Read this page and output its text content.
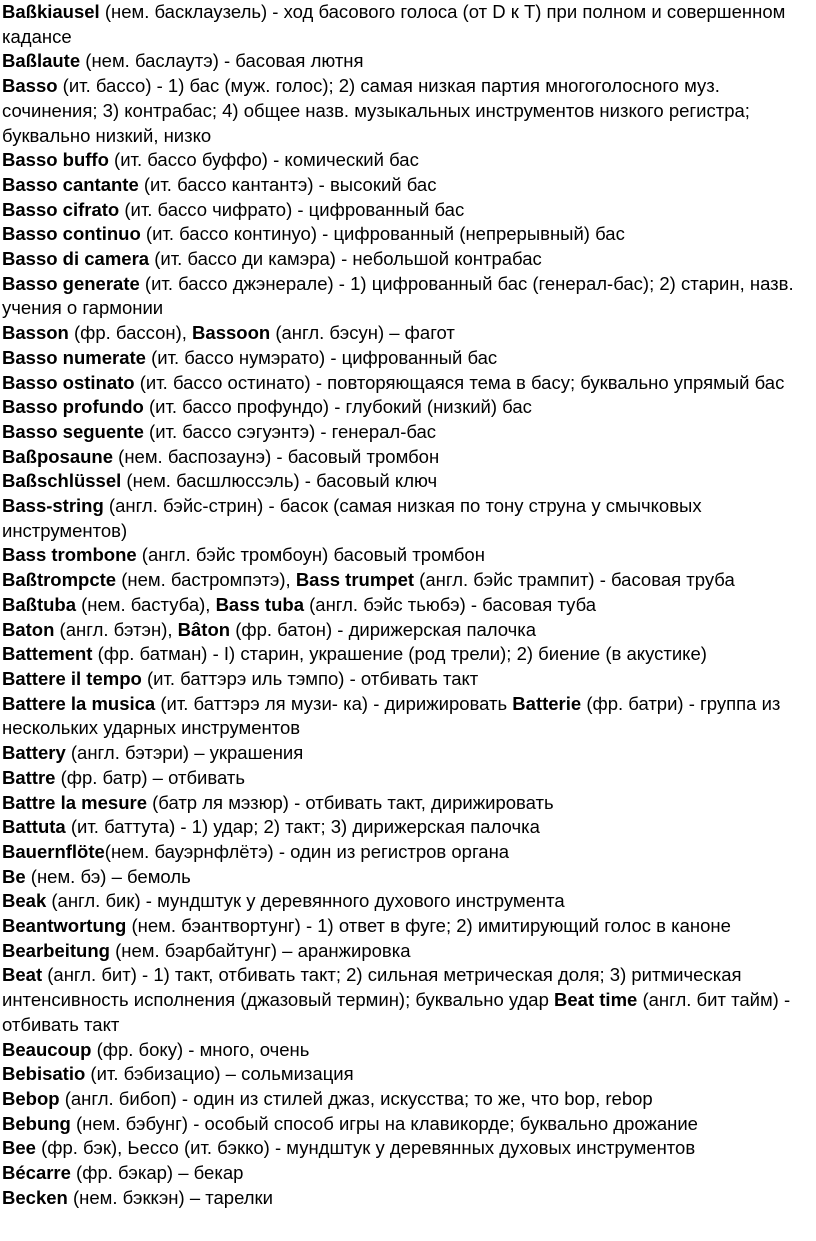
Baßkiausel (нем. басклаузель) - ход басового голоса (от D к T) при полном и совершенном кадансе
Baßlaute (нем. баслаутэ) - басовая лютня
Basso (ит. бассо) - 1) бас (муж. голос); 2) самая низкая партия многоголосного муз. сочинения; 3) контрабас; 4) общее назв. музыкальных инструментов низкого регистра; буквально низкий, низко
Basso buffo (ит. бассо буффо) - комический бас
Basso cantante (ит. бассо кантантэ) - высокий бас
Basso cifrato (ит. бассо чифрато) - цифрованный бас
Basso continuo (ит. бассо континуо) - цифрованный (непрерывный) бас
Basso di camera (ит. бассо ди камэра) - небольшой контрабас
Basso generate (ит. бассо джэнерале) - 1) цифрованный бас (генерал-бас); 2) старин, назв. учения о гармонии
Basson (фр. бассон), Bassoon (англ. бэсун) – фагот
Basso numerate (ит. бассо нумэрато) - цифрованный бас
Basso ostinato (ит. бассо остинато) - повторяющаяся тема в басу; буквально упрямый бас
Basso profundo (ит. бассо профундо) - глубокий (низкий) бас
Basso seguente (ит. бассо сэгуэнтэ) - генерал-бас
Baßposaune (нем. баспозаунэ) - басовый тромбон
Baßschlüssel (нем. басшлюссэль) - басовый ключ
Bass-string (англ. бэйс-стрин) - басок (самая низкая по тону струна у смычковых инструментов)
Bass trombone (англ. бэйс тромбоун) басовый тромбон
Baßtrompcte (нем. бастромпэтэ), Bass trumpet (англ. бэйс трампит) - басовая труба
Baßtuba (нем. бастуба), Bass tuba (англ. бэйс тьюбэ) - басовая туба
Baton (англ. бэтэн), Bâton (фр. батон) - дирижерская палочка
Battement (фр. батман) - I) старин, украшение (род трели); 2) биение (в акустике)
Battere il tempo (ит. баттэрэ иль тэмпо) - отбивать такт
Battere la musica (ит. баттэрэ ля музи- ка) - дирижировать Batterie (фр. батри) - группа из нескольких ударных инструментов
Battery (англ. бэтэри) – украшения
Battre (фр. батр) – отбивать
Battre la mesure (батр ля мэзюр) - отбивать такт, дирижировать
Battuta (ит. баттута) - 1) удар; 2) такт; 3) дирижерская палочка
Bauernflöte(нем. бауэрнфлётэ) - один из регистров органа
Be (нем. бэ) – бемоль
Beak (англ. бик) - мундштук у деревянного духового инструмента
Beantwortung (нем. бэантвортунг) - 1) ответ в фуге; 2) имитирующий голос в каноне
Bearbeitung (нем. бэарбайтунг) – аранжировка
Beat (англ. бит) - 1) такт, отбивать такт; 2) сильная метрическая доля; 3) ритмическая интенсивность исполнения (джазовый термин); буквально удар Beat time (англ. бит тайм) - отбивать такт
Beaucoup (фр. боку) - много, очень
Bebisatio (ит. бэбизацио) – сольмизация
Bebop (англ. бибоп) - один из стилей джаз, искусства; то же, что bop, rebop
Bebung (нем. бэбунг) - особый способ игры на клавикорде; буквально дрожание
Bee (фр. бэк), Ьессо (ит. бэкко) - мундштук у деревянных духовых инструментов
Bécarre (фр. бэкар) – бекар
Becken (нем. бэккэн) – тарелки
